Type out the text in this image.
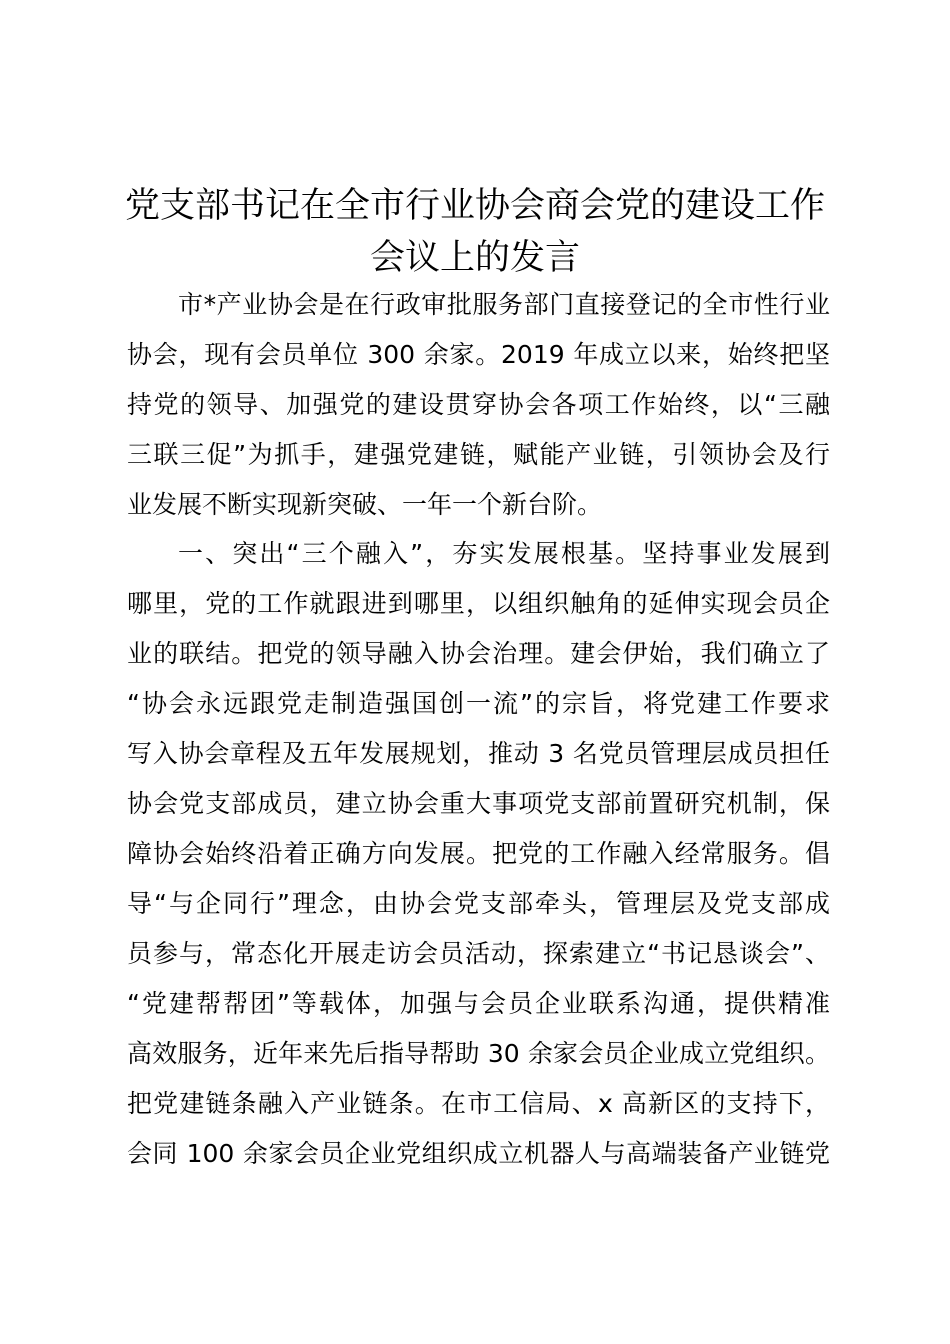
党支部书记在全市行业协会商会党的建设工作
会议上的发言
市*产业协会是在行政审批服务部门直接登记的全市性行业
协会，现有会员单位 300 余家。2019 年成立以来，始终把坚
持党的领导、加强党的建设贯穿协会各项工作始终，以“三融
三联三促”为抓手，建强党建链，赋能产业链，引领协会及行
业发展不断实现新突破、一年一个新台阶。
一、突出“三个融入”，夯实发展根基。坚持事业发展到
哪里，党的工作就跟进到哪里，以组织触角的延伸实现会员企
业的联结。把党的领导融入协会治理。建会伊始，我们确立了
“协会永远跟党走制造强国创一流”的宗旨，将党建工作要求
写入协会章程及五年发展规划，推动 3 名党员管理层成员担任
协会党支部成员，建立协会重大事项党支部前置研究机制，保
障协会始终沿着正确方向发展。把党的工作融入经常服务。倡
导“与企同行”理念，由协会党支部牵头，管理层及党支部成
员参与，常态化开展走访会员活动，探索建立“书记恳谈会”、
“党建帮帮团”等载体，加强与会员企业联系沟通，提供精准
高效服务，近年来先后指导帮助 30 余家会员企业成立党组织。
把党建链条融入产业链条。在市工信局、x 高新区的支持下，
会同 100 余家会员企业党组织成立机器人与高端装备产业链党
